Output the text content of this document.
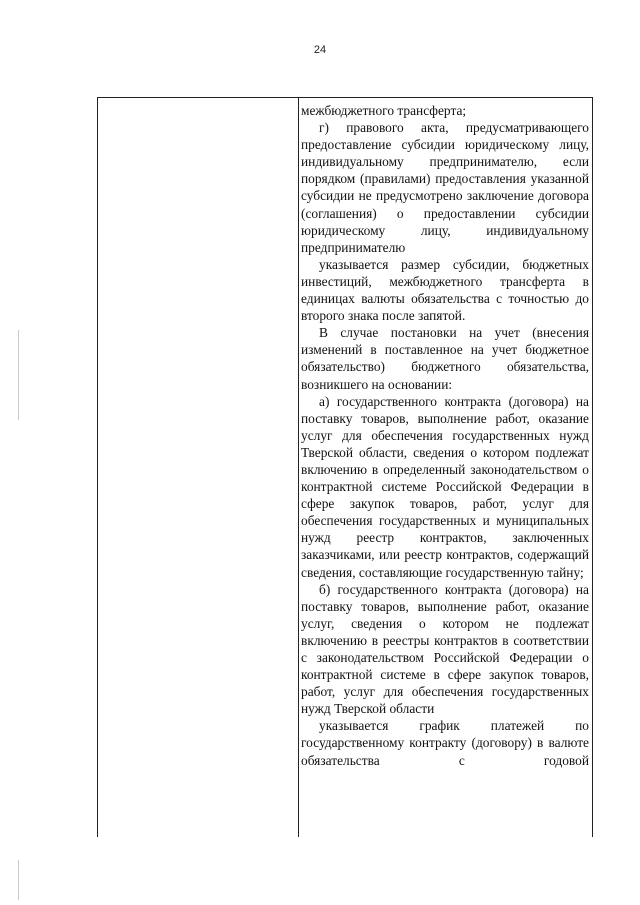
24

межбюджетного трансферта;

г) правового акта, предусматривающего предоставление субсидии юридическому лицу, индивидуальному предпринимателю, если порядком (правилами) предоставления указанной субсидии не предусмотрено заключение договора (соглашения) о предоставлении субсидии юридическому лицу, индивидуальному предпринимателю

указывается размер субсидии, бюджетных инвестиций, межбюджетного трансферта в единицах валюты обязательства с точностью до второго знака после запятой.

В случае постановки на учет (внесения изменений в поставленное на учет бюджетное обязательство) бюджетного обязательства, возникшего на основании:

а) государственного контракта (договора) на поставку товаров, выполнение работ, оказание услуг для обеспечения государственных нужд Тверской области, сведения о котором подлежат включению в определенный законодательством о контрактной системе Российской Федерации в сфере закупок товаров, работ, услуг для обеспечения государственных и муниципальных нужд реестр контрактов, заключенных заказчиками, или реестр контрактов, содержащий сведения, составляющие государственную тайну;

б) государственного контракта (договора) на поставку товаров, выполнение работ, оказание услуг, сведения о котором не подлежат включению в реестры контрактов в соответствии с законодательством Российской Федерации о контрактной системе в сфере закупок товаров, работ, услуг для обеспечения государственных нужд Тверской области

указывается график платежей по государственному контракту (договору) в валюте обязательства с годовой
